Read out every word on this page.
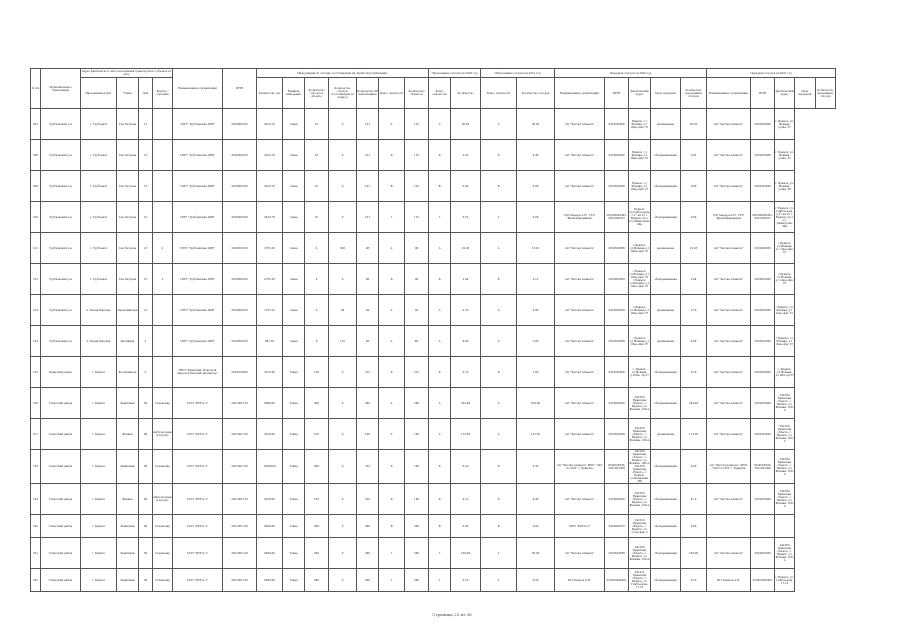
№ п/п	Муниципальное образование	Адрес фактического местоположения транспортного объекта по дату				Наименование организации	ИНН	Информация об отходах, поступающих на обработку/утилизацию							Образование отходов за 2020 год		Образование отходов за 2021 год		Передача отходов за 2020 год					Передача отходов за 2021 год				
		Населенный пункт	Улица	Дом	Корпус / строение			Количество, шт	Единица измерения	Количество отходов в объекте	Количество отходов, поступающих за период	Количество ЭР накопленных	Класс опасности	Количество объектов	Класс опасности	Количество	Класс опасности	Количество отходов	Наименование организации	ИНН	фактический адрес	Цель передачи	Количество переданных отходов	Наименование организации	ИНН	фактический адрес	Цель передачи	Количество переданных отходов
307	Трубчевский р-н	г. Трубчевск	Гая Петрова	13		ГБУЗ "Трубчевская ЦРБ"	3230003163	4523,79	тонна	91	0	101	А	101	А	30,63	А	30,63	АО "Чистая планета"	3254505836	Брянск, г.г Фокина, д.1 ОКа,офис 37	размещение	30,63	АО "Чистая планета"	3254505836	г. Брянск, ул. Фокина, д.Ока, 37		
308	Трубчевский р-н	г. Трубчевск	Гая Петрова	13		ГБУЗ "Трубчевская ЦРБ"	3230003163	4523,79	тонна	91	0	101	Б	101	Б	3,02	Б	3,46	АО "Чистая планета"	3254505836	Брянск, г.г Фокина, д.1 ОКа,офис 37	обезвреживание	3,02	АО "Чистая планета"	3254505836	г. Брянск, ул. Фокина, д.Ока, 37		
309	Трубчевский р-н	г. Трубчевск	Гая Петрова	13		ГБУЗ "Трубчевская ЦРБ"	3230003163	4523,79	тонна	91	0	101	В	101	В	0,00	В	0,09	АО "Чистая планета"	3254505836	Брянск, г.г Фокина, д.1 ОКа,офис 37	обезвреживание	0,00	АО "Чистая планета"	3254505836	г. Брянск, ул. Фокина, д.Ока, 38		
310	Трубчевский р-н	г. Трубчевск	Гая Петрова	13		ГБУЗ "Трубчевская ЦРБ"	3230003163	4523,79	тонна	91	0	101	Г	101	Г	0,55	Г	0,06	ИП Захаров А.Н. ,ГУП "Брянскфармация"	323203092481, 3201000327	Брянск, ул.Грибоедова, д.17 кв.12 г. Брянск, пр-т Ст-Димитрова, 49а	обезвреживание	0,03	ИП Захаров А.Н., ГУП "Брянскфармация"	323203092481, 3201000327	г. Брянск, ул. Грибоедова, д.17 кв.12 г. Брянск, пр-т Ст-Димитрова, 49а		
311	Трубчевский р-н	г. Трубчевск	Гая Петрова	13	2	ГБУЗ "Трубчевская ЦРБ"	3230003163	2735,30	тонна	4	308	98	А	98	А	22,03	А	13,91	АО "Чистая планета"	3254505836	г.Брянск, ул.Фокина,д.1 ОКа,офис 37	размещение	22,03	АО "Чистая планета"	3254505836	г.Брянск, ул.Фокина, д.1 Ока,офис 37		
312	Трубчевский р-н	г. Трубчевск	Гая Петрова	13	2	ГБУЗ "Трубчевская ЦРБ"	3230003163	2735,30	тонна	4	0	98	Б	98	Б	2,04	Б	2,12	АО "Чистая планета"	3254505836	г.Брянск, ул.Фокина, д.1 ОКа,офис 37 г.Брянск, ул.Фокина, д.1 ОКа,офис 37	обезвреживание	2,04	АО "Чистая планета"	3254505836	г.Брянск, ул.Фокина, д.1 Ока,офис 37		
313	Трубчевский р-н	п. Белая Березка	Первомайская	12		ГБУЗ "Трубчевская ЦРБ"	3230003163	1707,31	тонна	0	29	29	А	29	А	2,70	А	2,86	АО "Чистая планета"	3254505836	г.Брянск, ул.Фокина,д.1 ОКа,офис 37	размещение	2,70	АО "Чистая планета"	3254505836	г.Брянск, ул. Фокина, д.1 Ока,офис 37		
314	Трубчевский р-н	п. Белая Березка	Калинина	5		ГБУЗ "Трубчевская ЦРБ"	3230003163	687,30	тонна	0	110	48	А	48	А	4,06	А	2,95	АО "Чистая планета"	3254505836	г.Брянск, ул.Фокина,д.1 ОКа,офис 37	размещение	4,06	АО "Чистая планета"	3254505836	г.Брянск, ул. Фокина, д.1 Ока,офис 37		
315	Брянский район	г. Брянск	Космонавтов	5		ГБУЗ "Брянский областной наркологический диспансер"	3234013954	2615,95	Тонна	130	0	215	Б	215	Б	0,73	Б	1,82	АО "Чистая планета"	3254505836	г. Брянск, ул.Фокина, д.108А, оф.37	обезвреживание	0,73	АО "Чистая планета"	3254505836	г. Брянск, ул.Фокина, д.108А оф.37		
316	Советский район	г. Брянск	Бежицкая	38	Стационар	ГАУЗ "БГБ № 1"	3201001128	9649,00	Тонна	399	0	390	А	390	А	233,48	А	203,00	АО "Чистая планета"	3254505836	241050 Брянская область, г. Брянск, ул. Фокина, 108-А	обезвреживание	233,48	АО "Чистая планета"	3254505836	241050 Брянская область, г. Брянск, ул. Фокина, 108-А		
317	Советский район	г. Брянск	Фокина	84	Амбулаторный корпус	ГАУЗ "БГБ № 1"	3201001128	3918,00	Тонна	100	0	190	А	190	А	113,30	А	101,30	АО "Чистая планета"	3254505836	241050 Брянская область, г. Брянск, ул. Фокина, 108-А	размещение	113,30	АО "Чистая планета"	3254505836	241050 Брянская область, г. Брянск, ул. Фокина, 108-А		
318	Советский район	г. Брянск	Бежицкая	38	Стационар	ГАУЗ "БГБ № 1"	3201001128	19299,00	Тонна	638	0	792	Б	792	Б	6,20	Б	2,30	АО "Чистая планета", МУП "ЛиЗ по ГИЗ" г. Брянска	3254505836, 3201001369	241050 Брянская область, г. Брянск, ул. Фокина, 108-А, 241050 Брянская область, г. Брянск, ул.Калинина, 268	обезвреживание	6,20	АО "Чистая планета", МУП "ЛиЗ по ГИЗ" г. Брянска	3254505836, 3201001369	241050 Брянская область, г. Брянск, ул. Фокина, 108-А		
319	Советский район	г. Брянск	Фокина	84	Амбулаторный корпус	ГАУЗ "БГБ № 1"	3201001128	3918,00	Тонна	100	0	190	Б	190	Б	4,10	Б	4,40	АО "Чистая планета"	3254505836	241050 Брянская область, г. Брянск, ул. Фокина, 108-А	обезвреживание	4,10	АО "Чистая планета"	3254505836	241050 Брянская область, г. Брянск, ул. Фокина, 108-А		
320	Советский район	г. Брянск	Бежицкая	38	Стационар	ГАУЗ "БГБ № 1"	3201001128	9649,00	Тонна	399	0	390	В	390	В	0,60	В	0,00	ГБУЗ "БГБ № 2"	3234004375	241019 Брянская область, г. Брянск, ул. Сосновая, 2	обезвреживание	0,60					
321	Советский район	г. Брянск	Бежицкая	38	Стационар	ГАУЗ "БГБ № 1"	3201001128	9649,00	Тонна	399	0	390	Г	390	Г	109,00	Г	56,00	АО "Чистая планета"	3254505836	241050 Брянская область, г. Брянск, ул. Фокина, 108-А	обезвреживание	109,00	АО "Чистая планета"	3254505836	241050 Брянская область, г. Брянск, ул. Фокина, 108-А		
322	Советский район	г. Брянск	Бежицкая	38	Стационар	ГАУЗ "БГБ № 1"	3201001128	9649,00	Тонна	399	0	390	Г	390	Г	0,10	Г	0,29	ИП Захаров А.Н.	323203092481	241011 Брянская область, г. Брянск, ул. Грибоедова, 17-12	обезвреживание	0,10	ИП Захаров А.Н.	323203092481	г. Брянск, ул. Грибоедова, 17-12		
Страница 23 из 36
